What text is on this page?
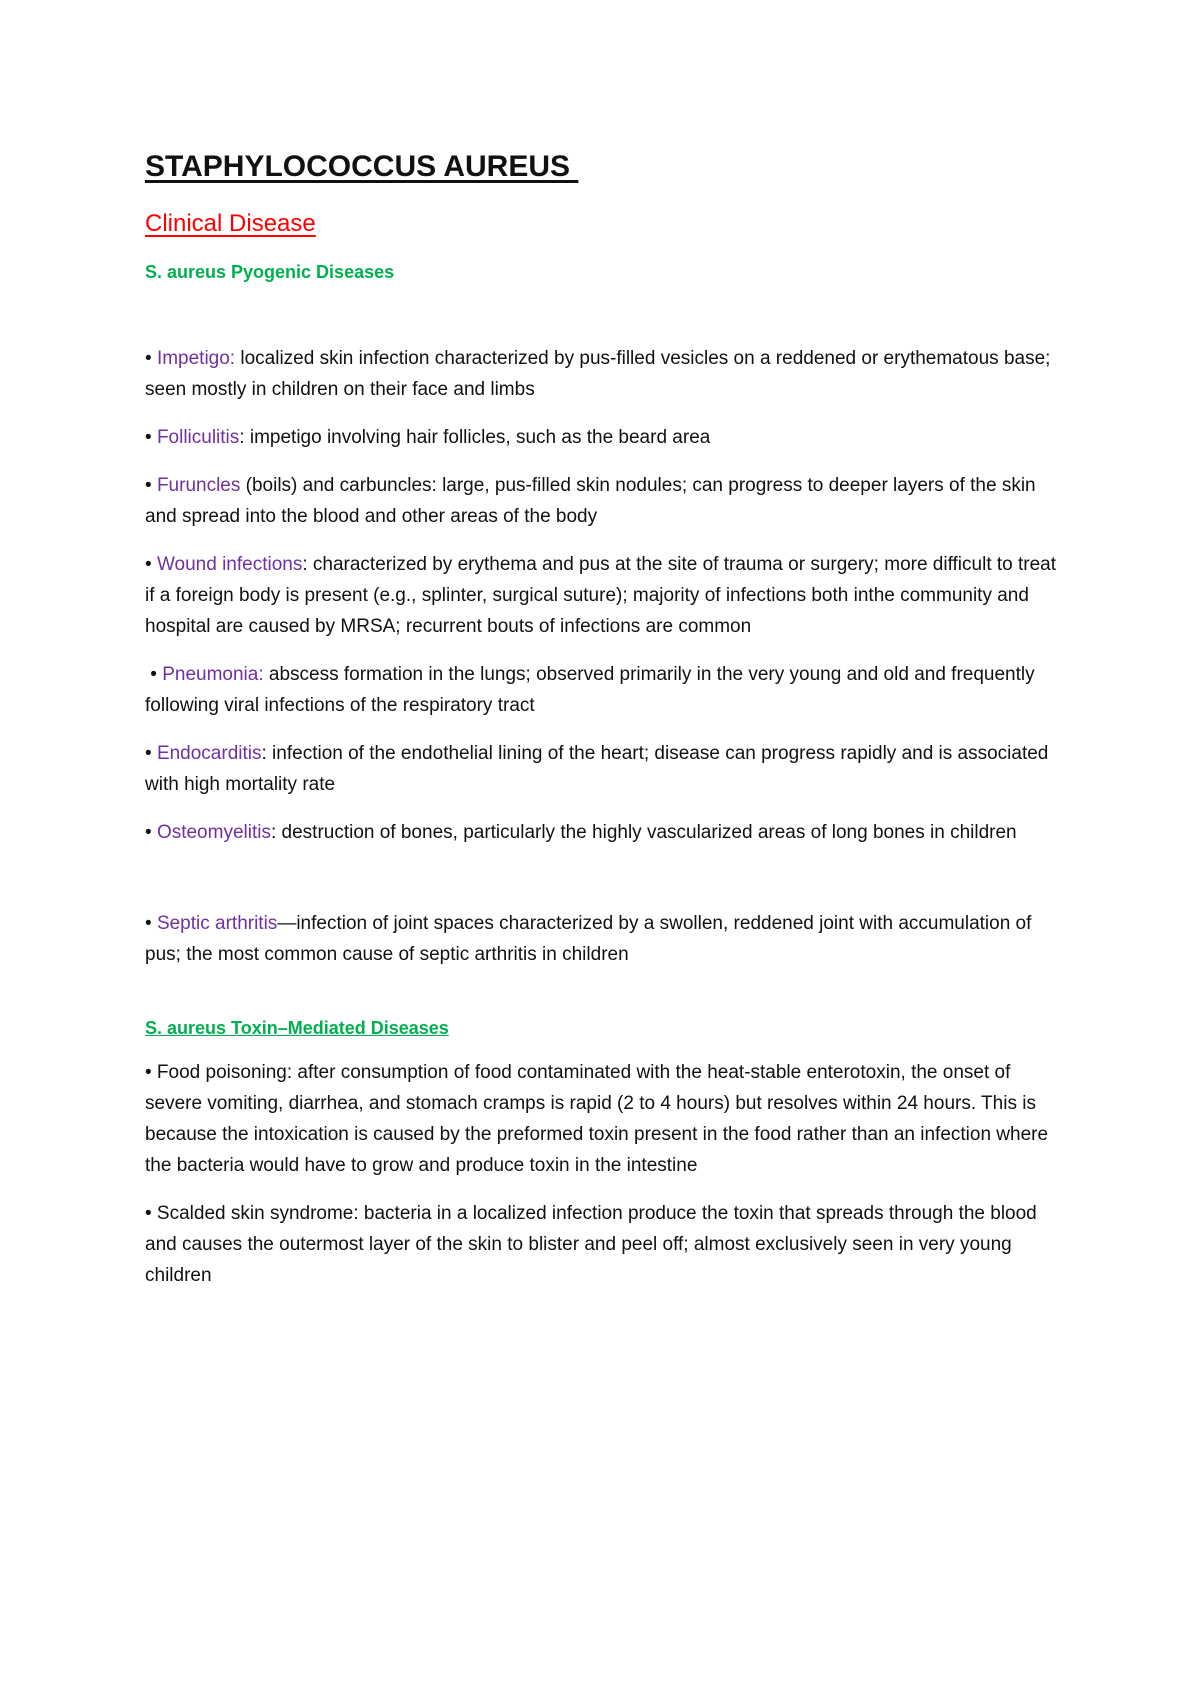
STAPHYLOCOCCUS AUREUS
Clinical Disease
S. aureus Pyogenic Diseases

• Impetigo: localized skin infection characterized by pus-filled vesicles on a reddened or erythematous base; seen mostly in children on their face and limbs

• Folliculitis: impetigo involving hair follicles, such as the beard area

• Furuncles (boils) and carbuncles: large, pus-filled skin nodules; can progress to deeper layers of the skin and spread into the blood and other areas of the body

• Wound infections: characterized by erythema and pus at the site of trauma or surgery; more difficult to treat if a foreign body is present (e.g., splinter, surgical suture); majority of infections both inthe community and hospital are caused by MRSA; recurrent bouts of infections are common

• Pneumonia: abscess formation in the lungs; observed primarily in the very young and old and frequently following viral infections of the respiratory tract

• Endocarditis: infection of the endothelial lining of the heart; disease can progress rapidly and is associated with high mortality rate

• Osteomyelitis: destruction of bones, particularly the highly vascularized areas of long bones in children

• Septic arthritis—infection of joint spaces characterized by a swollen, reddened joint with accumulation of pus; the most common cause of septic arthritis in children

S. aureus Toxin–Mediated Diseases

• Food poisoning: after consumption of food contaminated with the heat-stable enterotoxin, the onset of severe vomiting, diarrhea, and stomach cramps is rapid (2 to 4 hours) but resolves within 24 hours. This is because the intoxication is caused by the preformed toxin present in the food rather than an infection where the bacteria would have to grow and produce toxin in the intestine

• Scalded skin syndrome: bacteria in a localized infection produce the toxin that spreads through the blood and causes the outermost layer of the skin to blister and peel off; almost exclusively seen in very young children
